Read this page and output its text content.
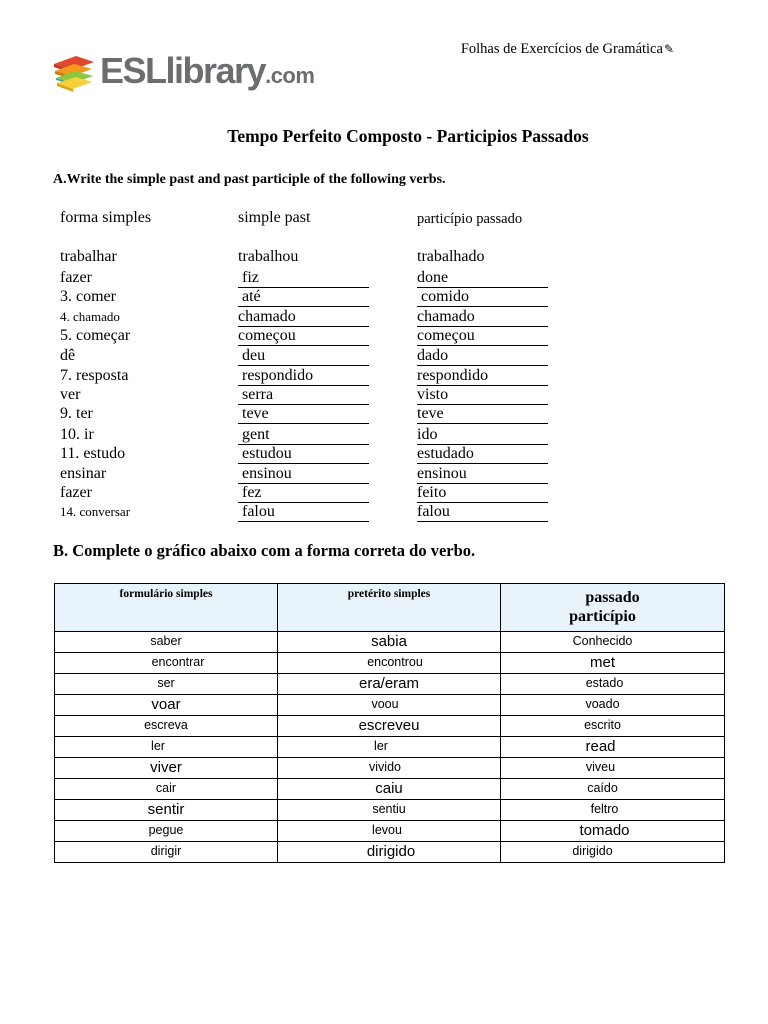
ESLlibrary.com
Folhas de Exercícios de Gramática✎
Tempo Perfeito Composto - Participios Passados
A.Write the simple past and past participle of the following verbs.
forma simples	simple past	particípio passado
trabalhar	trabalhou	trabalhado
fazer	fiz	done
3. comer	até	comido
4. chamado	chamado	chamado
5. começar	começou	começou
dê	deu	dado
7. resposta	respondido	respondido
ver	serra	visto
9. ter	teve	teve
10. ir	gent	ido
11. estudo	estudou	estudado
ensinar	ensinou	ensinou
fazer	fez	feito
14. conversar	falou	falou
B. Complete o gráfico abaixo com a forma correta do verbo.
formulário simples	pretérito simples	passado
particípio
saber	sabia	Conhecido
encontrar	encontrou	met
ser	era/eram	estado
voar	voou	voado
escreva	escreveu	escrito
ler	ler	read
viver	vivido	viveu
cair	caiu	caído
sentir	sentiu	feltro
pegue	levou	tomado
dirigir	dirigido	dirigido
